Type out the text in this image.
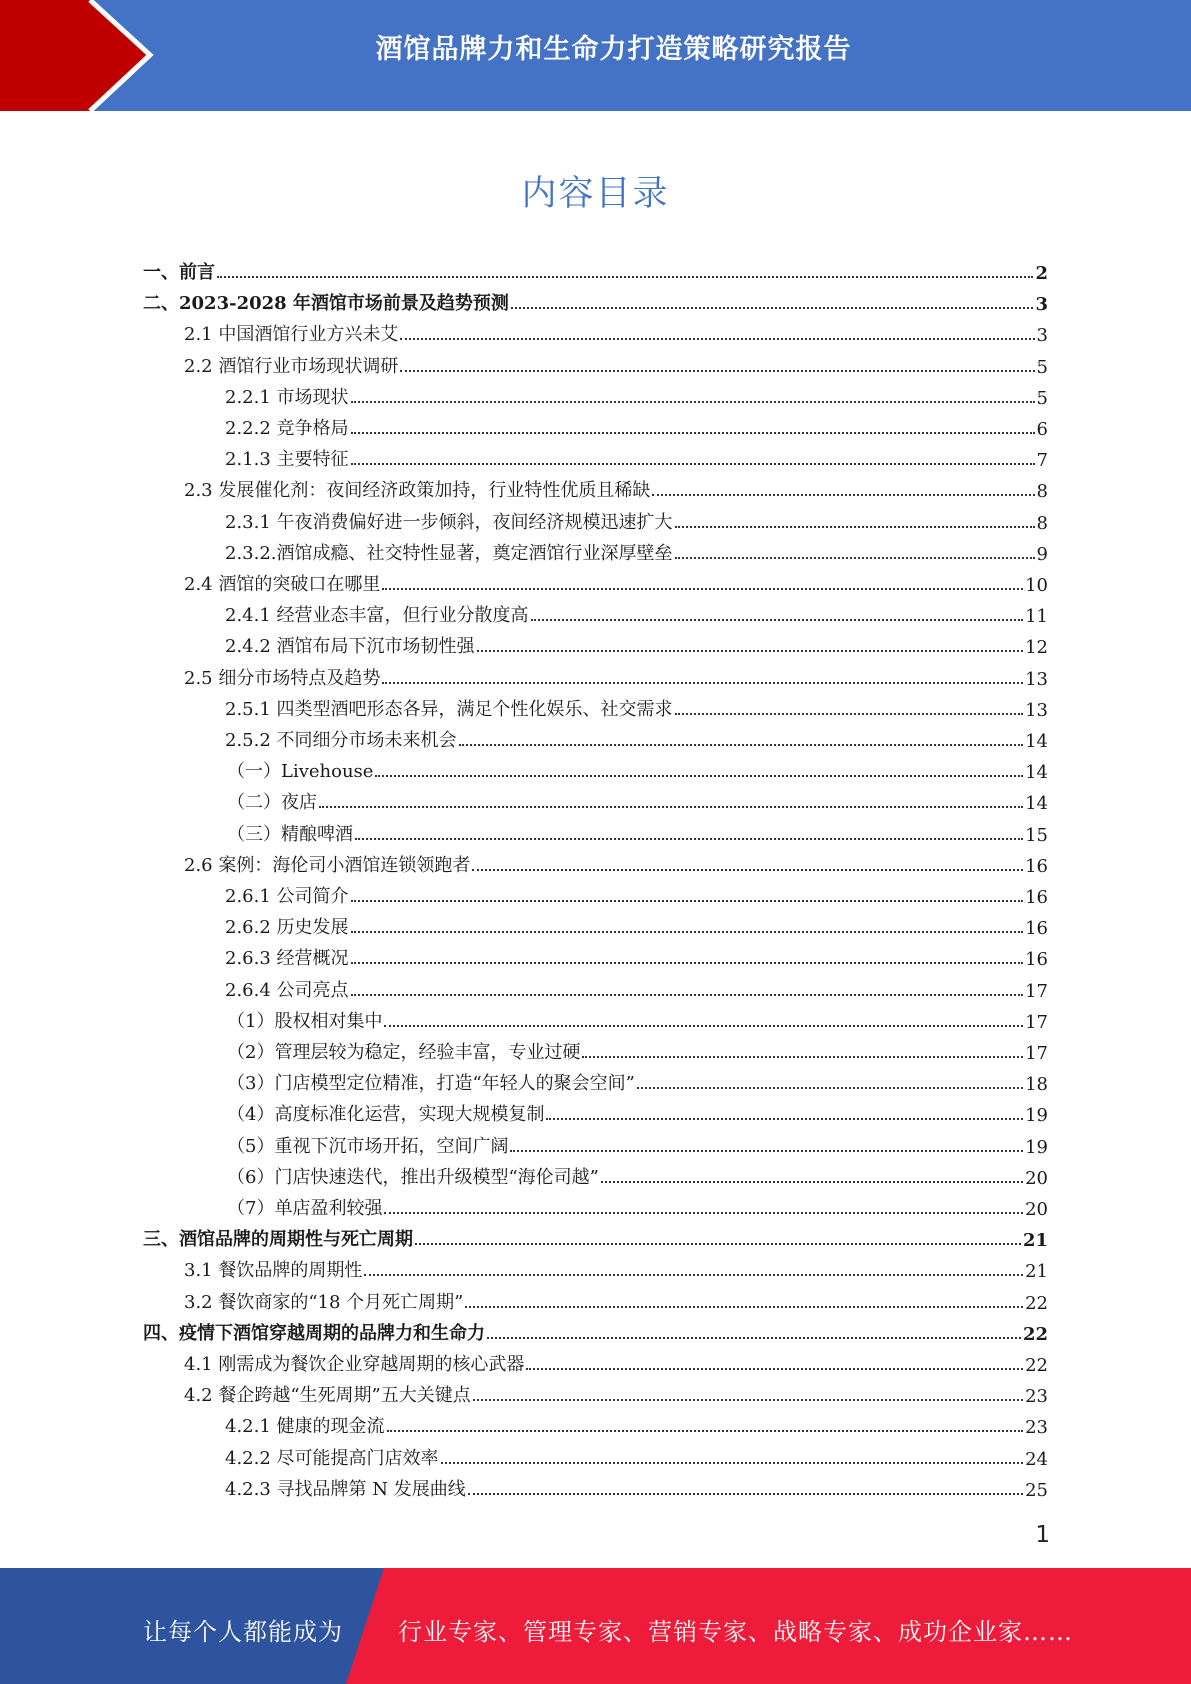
酒馆品牌力和生命力打造策略研究报告
内容目录
一、前言	2
二、2023-2028 年酒馆市场前景及趋势预测	3
2.1 中国酒馆行业方兴未艾	3
2.2 酒馆行业市场现状调研	5
2.2.1 市场现状	5
2.2.2 竞争格局	6
2.1.3 主要特征	7
2.3 发展催化剂：夜间经济政策加持，行业特性优质且稀缺	8
2.3.1 午夜消费偏好进一步倾斜，夜间经济规模迅速扩大	8
2.3.2.酒馆成瘾、社交特性显著，奠定酒馆行业深厚壁垒	9
2.4 酒馆的突破口在哪里	10
2.4.1 经营业态丰富，但行业分散度高	11
2.4.2 酒馆布局下沉市场韧性强	12
2.5 细分市场特点及趋势	13
2.5.1 四类型酒吧形态各异，满足个性化娱乐、社交需求	13
2.5.2 不同细分市场未来机会	14
（一）Livehouse	14
（二）夜店	14
（三）精酿啤酒	15
2.6 案例：海伦司小酒馆连锁领跑者	16
2.6.1 公司简介	16
2.6.2 历史发展	16
2.6.3 经营概况	16
2.6.4 公司亮点	17
（1）股权相对集中	17
（2）管理层较为稳定，经验丰富，专业过硬	17
（3）门店模型定位精准，打造“年轻人的聚会空间”	18
（4）高度标准化运营，实现大规模复制	19
（5）重视下沉市场开拓，空间广阔	19
（6）门店快速迭代，推出升级模型“海伦司越”	20
（7）单店盈利较强	20
三、酒馆品牌的周期性与死亡周期	21
3.1 餐饮品牌的周期性	21
3.2 餐饮商家的“18 个月死亡周期”	22
四、疫情下酒馆穿越周期的品牌力和生命力	22
4.1 刚需成为餐饮企业穿越周期的核心武器	22
4.2 餐企跨越“生死周期”五大关键点	23
4.2.1 健康的现金流	23
4.2.2 尽可能提高门店效率	24
4.2.3 寻找品牌第 N 发展曲线	25
1
让每个人都能成为 行业专家、管理专家、营销专家、战略专家、成功企业家……
